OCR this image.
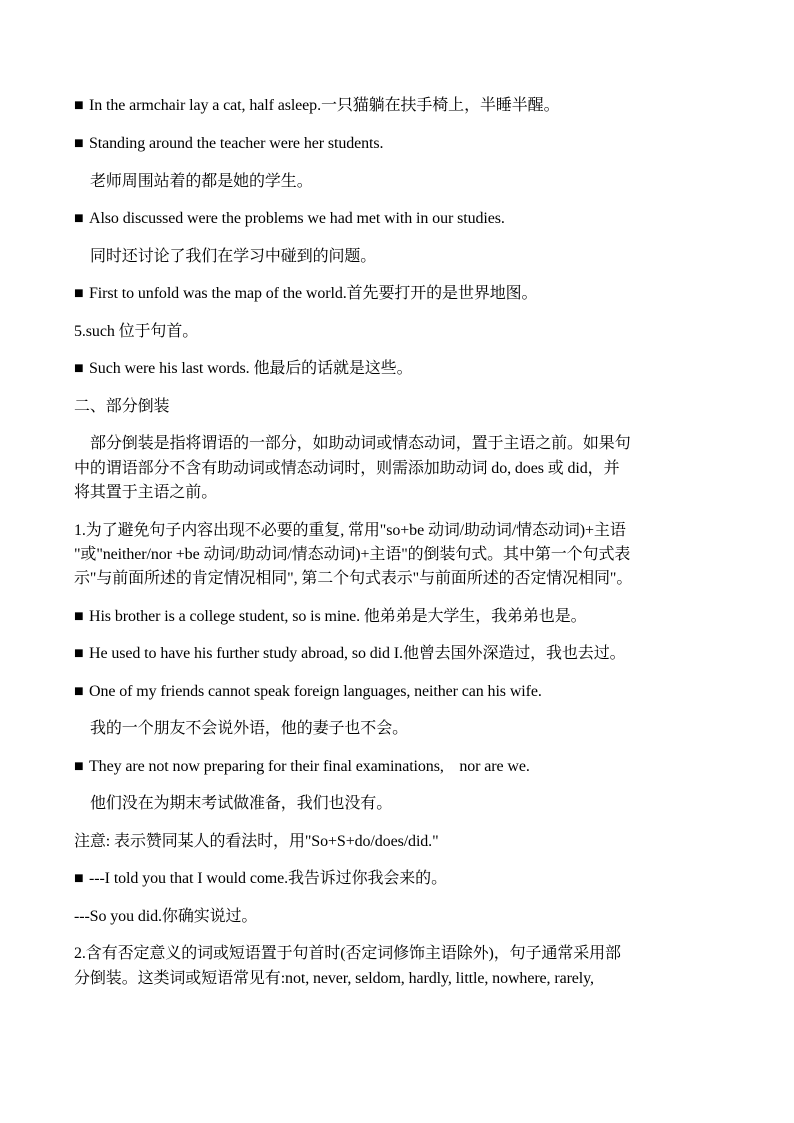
■In the armchair lay a cat, half asleep.一只猫躺在扶手椅上，半睡半醒。
■Standing around the teacher were her students.
老师周围站着的都是她的学生。
■Also discussed were the problems we had met with in our studies.
同时还讨论了我们在学习中碰到的问题。
■First to unfold was the map of the world.首先要打开的是世界地图。
5.such 位于句首。
■Such were his last words. 他最后的话就是这些。
二、部分倒装
部分倒装是指将谓语的一部分，如助动词或情态动词，置于主语之前。如果句
中的谓语部分不含有助动词或情态动词时，则需添加助动词 do, does 或 did，并
将其置于主语之前。
1.为了避免句子内容出现不必要的重复, 常用"so+be 动词/助动词/情态动词)+主语
"或"neither/nor +be 动词/助动词/情态动词)+主语"的倒装句式。其中第一个句式表
示"与前面所述的肯定情况相同", 第二个句式表示"与前面所述的否定情况相同"。
■His brother is a college student, so is mine. 他弟弟是大学生，我弟弟也是。
■He used to have his further study abroad, so did I.他曾去国外深造过，我也去过。
■One of my friends cannot speak foreign languages, neither can his wife.
我的一个朋友不会说外语，他的妻子也不会。
■They are not now preparing for their final examinations,    nor are we.
他们没在为期末考试做准备，我们也没有。
注意: 表示赞同某人的看法时，用"So+S+do/does/did."
■---I told you that I would come.我告诉过你我会来的。
---So you did.你确实说过。
2.含有否定意义的词或短语置于句首时(否定词修饰主语除外)，句子通常采用部
分倒装。这类词或短语常见有:not, never, seldom, hardly, little, nowhere, rarely,
